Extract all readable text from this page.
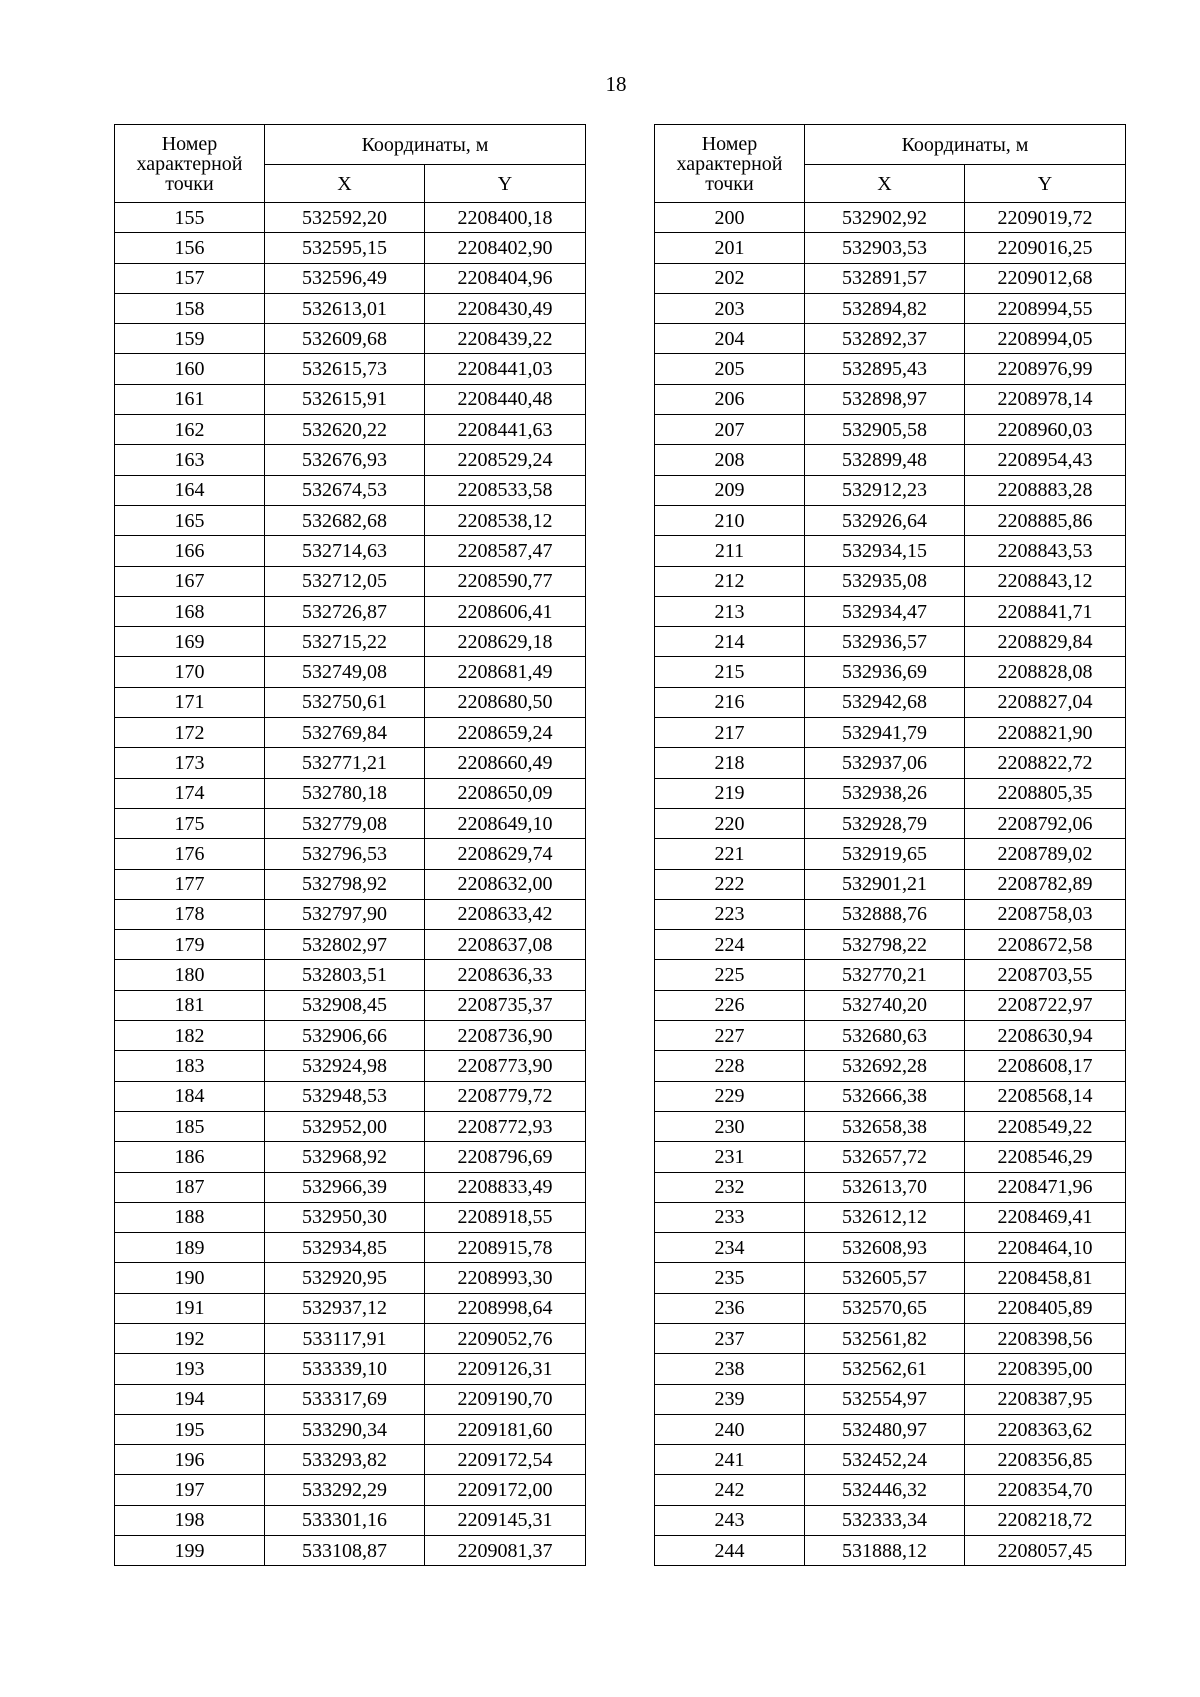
18
Номер
характерной
точки	Координаты, м	
	X	Y
155	532592,20	2208400,18
156	532595,15	2208402,90
157	532596,49	2208404,96
158	532613,01	2208430,49
159	532609,68	2208439,22
160	532615,73	2208441,03
161	532615,91	2208440,48
162	532620,22	2208441,63
163	532676,93	2208529,24
164	532674,53	2208533,58
165	532682,68	2208538,12
166	532714,63	2208587,47
167	532712,05	2208590,77
168	532726,87	2208606,41
169	532715,22	2208629,18
170	532749,08	2208681,49
171	532750,61	2208680,50
172	532769,84	2208659,24
173	532771,21	2208660,49
174	532780,18	2208650,09
175	532779,08	2208649,10
176	532796,53	2208629,74
177	532798,92	2208632,00
178	532797,90	2208633,42
179	532802,97	2208637,08
180	532803,51	2208636,33
181	532908,45	2208735,37
182	532906,66	2208736,90
183	532924,98	2208773,90
184	532948,53	2208779,72
185	532952,00	2208772,93
186	532968,92	2208796,69
187	532966,39	2208833,49
188	532950,30	2208918,55
189	532934,85	2208915,78
190	532920,95	2208993,30
191	532937,12	2208998,64
192	533117,91	2209052,76
193	533339,10	2209126,31
194	533317,69	2209190,70
195	533290,34	2209181,60
196	533293,82	2209172,54
197	533292,29	2209172,00
198	533301,16	2209145,31
199	533108,87	2209081,37
Номер
характерной
точки	Координаты, м	
	X	Y
200	532902,92	2209019,72
201	532903,53	2209016,25
202	532891,57	2209012,68
203	532894,82	2208994,55
204	532892,37	2208994,05
205	532895,43	2208976,99
206	532898,97	2208978,14
207	532905,58	2208960,03
208	532899,48	2208954,43
209	532912,23	2208883,28
210	532926,64	2208885,86
211	532934,15	2208843,53
212	532935,08	2208843,12
213	532934,47	2208841,71
214	532936,57	2208829,84
215	532936,69	2208828,08
216	532942,68	2208827,04
217	532941,79	2208821,90
218	532937,06	2208822,72
219	532938,26	2208805,35
220	532928,79	2208792,06
221	532919,65	2208789,02
222	532901,21	2208782,89
223	532888,76	2208758,03
224	532798,22	2208672,58
225	532770,21	2208703,55
226	532740,20	2208722,97
227	532680,63	2208630,94
228	532692,28	2208608,17
229	532666,38	2208568,14
230	532658,38	2208549,22
231	532657,72	2208546,29
232	532613,70	2208471,96
233	532612,12	2208469,41
234	532608,93	2208464,10
235	532605,57	2208458,81
236	532570,65	2208405,89
237	532561,82	2208398,56
238	532562,61	2208395,00
239	532554,97	2208387,95
240	532480,97	2208363,62
241	532452,24	2208356,85
242	532446,32	2208354,70
243	532333,34	2208218,72
244	531888,12	2208057,45
